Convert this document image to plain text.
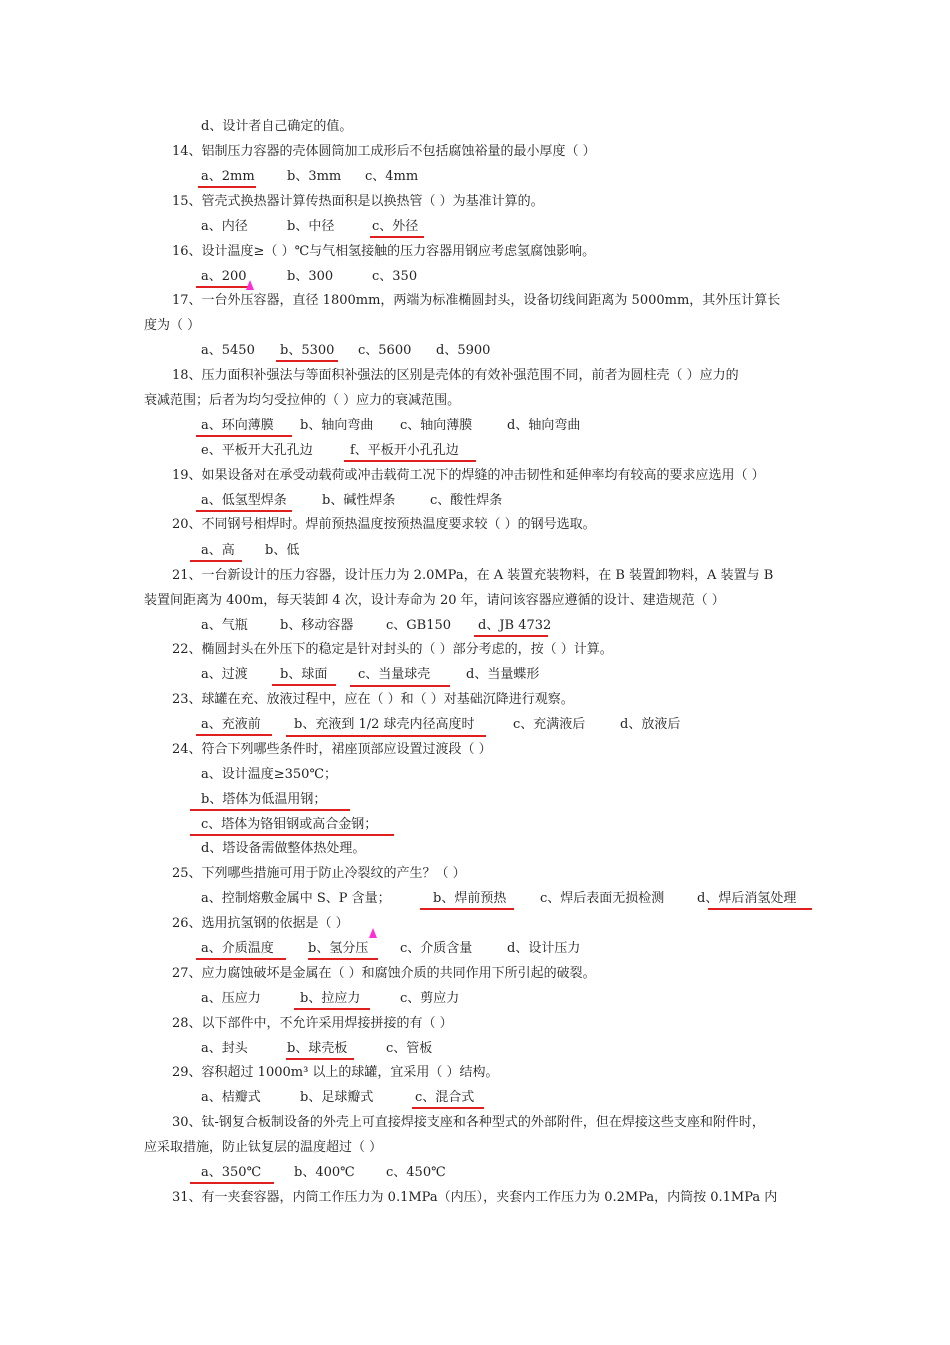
d、设计者自己确定的值。
14、铝制压力容器的壳体圆筒加工成形后不包括腐蚀裕量的最小厚度（ ）
a、2mm b、3mm c、4mm
15、管壳式换热器计算传热面积是以换热管（ ）为基准计算的。
a、内径	b、中径	c、外径
16、设计温度≥（ ）℃与气相氢接触的压力容器用钢应考虑氢腐蚀影响。
a、200	b、300	c、350
17、一台外压容器，直径 1800mm，两端为标准椭圆封头，设备切线间距离为 5000mm，其外压计算长
度为（ ）
a、5450 b、5300 c、5600 d、5900
18、压力面积补强法与等面积补强法的区别是壳体的有效补强范围不同，前者为圆柱壳（ ）应力的
衰减范围；后者为均匀受拉伸的（ ）应力的衰减范围。
a、环向薄膜 b、轴向弯曲 c、轴向薄膜	d、轴向弯曲
e、平板开大孔孔边	f、平板开小孔孔边
19、如果设备对在承受动载荷或冲击载荷工况下的焊缝的冲击韧性和延伸率均有较高的要求应选用（ ）
a、低氢型焊条	b、碱性焊条	c、酸性焊条
20、不同钢号相焊时。焊前预热温度按预热温度要求较（ ）的钢号选取。
a、高 b、低
21、一台新设计的压力容器，设计压力为 2.0MPa，在 A 装置充装物料，在 B 装置卸物料，A 装置与 B
装置间距离为 400m，每天装卸 4 次，设计寿命为 20 年，请问该容器应遵循的设计、建造规范（ ）
a、气瓶 b、移动容器	c、GB150 d、JB 4732
22、椭圆封头在外压下的稳定是针对封头的（ ）部分考虑的，按（ ）计算。
a、过渡 b、球面 c、当量球壳	d、当量蝶形
23、球罐在充、放液过程中，应在（ ）和（ ）对基础沉降进行观察。
a、充液前	b、充液到 1/2 球壳内径高度时	c、充满液后	d、放液后
24、符合下列哪些条件时，裙座顶部应设置过渡段（ ）
a、设计温度≥350℃；
b、塔体为低温用钢；
c、塔体为铬钼钢或高合金钢；
d、塔设备需做整体热处理。
25、下列哪些措施可用于防止冷裂纹的产生？（ ）
a、控制熔敷金属中 S、P 含量；	b、焊前预热	c、焊后表面无损检测	d、焊后消氢处理
26、选用抗氢钢的依据是（ ）
a、介质温度	b、氢分压 c、介质含量	d、设计压力
27、应力腐蚀破坏是金属在（ ）和腐蚀介质的共同作用下所引起的破裂。
a、压应力	b、拉应力	c、剪应力
28、以下部件中，不允许采用焊接拼接的有（ ）
a、封头	b、球壳板	c、管板
29、容积超过 1000m³ 以上的球罐，宜采用（ ）结构。
a、桔瓣式	b、足球瓣式	c、混合式
30、钛-钢复合板制设备的外壳上可直接焊接支座和各种型式的外部附件，但在焊接这些支座和附件时，
应采取措施，防止钛复层的温度超过（ ）
a、350℃	b、400℃ c、450℃
31、有一夹套容器，内筒工作压力为 0.1MPa（内压），夹套内工作压力为 0.2MPa，内筒按 0.1MPa 内
